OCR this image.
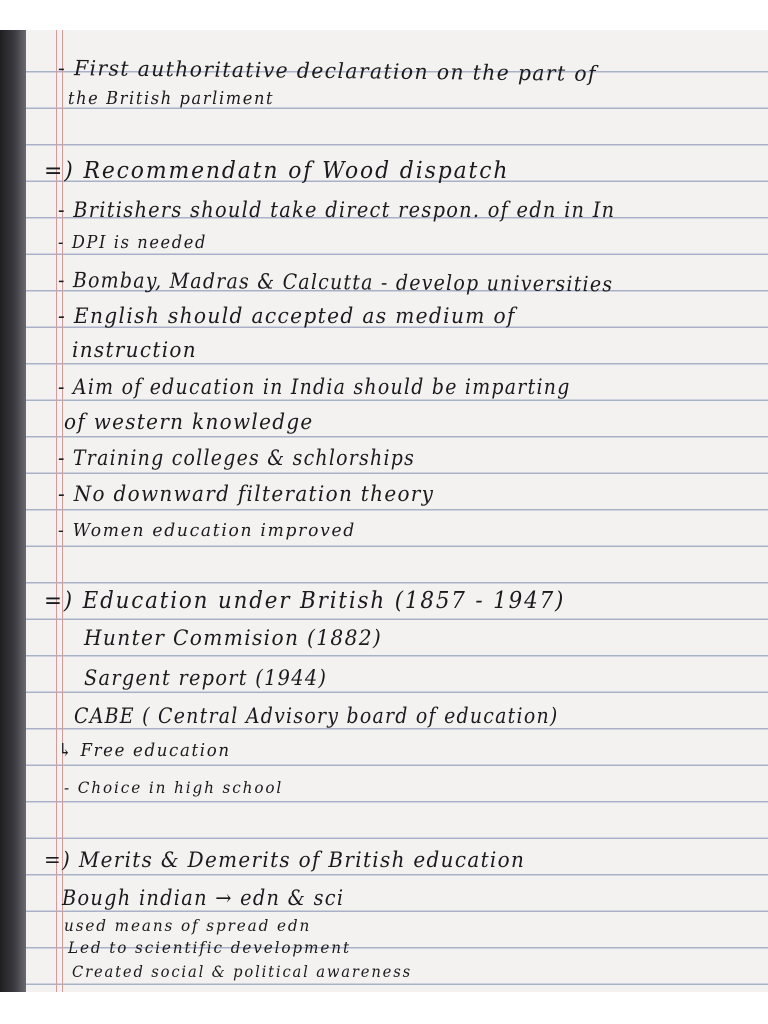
- First authoritative declaration on the part of
the British parliment
=) Recommendatn of Wood dispatch
- Britishers should take direct respon. of edn in In
- DPI is needed
- Bombay, Madras & Calcutta - develop universities
- English should accepted as medium of
instruction
- Aim of education in India should be imparting
of western knowledge
- Training colleges & schlorships
- No downward filteration theory
- Women education improved
=) Education under British (1857 - 1947)
Hunter Commision (1882)
Sargent report (1944)
CABE ( Central Advisory board of education)
↳ Free education
- Choice in high school
=) Merits & Demerits of British education
Bough indian → edn & sci
used means of spread edn
Led to scientific development
Created social & political awareness
